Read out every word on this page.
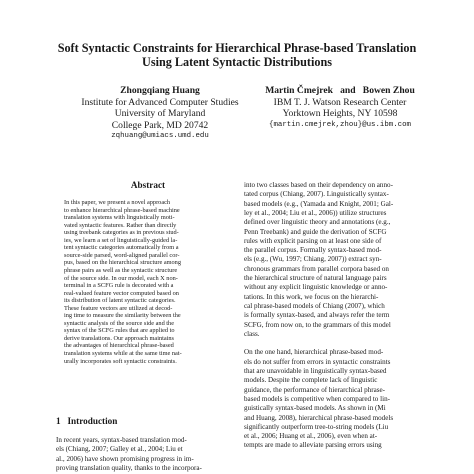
Soft Syntactic Constraints for Hierarchical Phrase-based Translation
Using Latent Syntactic Distributions
Zhongqiang Huang
Institute for Advanced Computer Studies
University of Maryland
College Park, MD 20742
zqhuang@umiacs.umd.edu
Martin Čmejrek   and   Bowen Zhou
IBM T. J. Watson Research Center
Yorktown Heights, NY 10598
{martin.cmejrek,zhou}@us.ibm.com
Abstract
In this paper, we present a novel approach
to enhance hierarchical phrase-based machine
translation systems with linguistically moti-
vated syntactic features. Rather than directly
using treebank categories as in previous stud-
ies, we learn a set of linguistically-guided la-
tent syntactic categories automatically from a
source-side parsed, word-aligned parallel cor-
pus, based on the hierarchical structure among
phrase pairs as well as the syntactic structure
of the source side. In our model, each X non-
terminal in a SCFG rule is decorated with a
real-valued feature vector computed based on
its distribution of latent syntactic categories.
These feature vectors are utilized at decod-
ing time to measure the similarity between the
syntactic analysis of the source side and the
syntax of the SCFG rules that are applied to
derive translations. Our approach maintains
the advantages of hierarchical phrase-based
translation systems while at the same time nat-
urally incorporates soft syntactic constraints.
1   Introduction
In recent years, syntax-based translation mod-
els (Chiang, 2007; Galley et al., 2004; Liu et
al., 2006) have shown promising progress in im-
proving translation quality, thanks to the incorpora-
into two classes based on their dependency on anno-
tated corpus (Chiang, 2007). Linguistically syntax-
based models (e.g., (Yamada and Knight, 2001; Gal-
ley et al., 2004; Liu et al., 2006)) utilize structures
defined over linguistic theory and annotations (e.g.,
Penn Treebank) and guide the derivation of SCFG
rules with explicit parsing on at least one side of
the parallel corpus. Formally syntax-based mod-
els (e.g., (Wu, 1997; Chiang, 2007)) extract syn-
chronous grammars from parallel corpora based on
the hierarchical structure of natural language pairs
without any explicit linguistic knowledge or anno-
tations. In this work, we focus on the hierarchi-
cal phrase-based models of Chiang (2007), which
is formally syntax-based, and always refer the term
SCFG, from now on, to the grammars of this model
class.
On the one hand, hierarchical phrase-based mod-
els do not suffer from errors in syntactic constraints
that are unavoidable in linguistically syntax-based
models. Despite the complete lack of linguistic
guidance, the performance of hierarchical phrase-
based models is competitive when compared to lin-
guistically syntax-based models. As shown in (Mi
and Huang, 2008), hierarchical phrase-based models
significantly outperform tree-to-string models (Liu
et al., 2006; Huang et al., 2006), even when at-
tempts are made to alleviate parsing errors using
